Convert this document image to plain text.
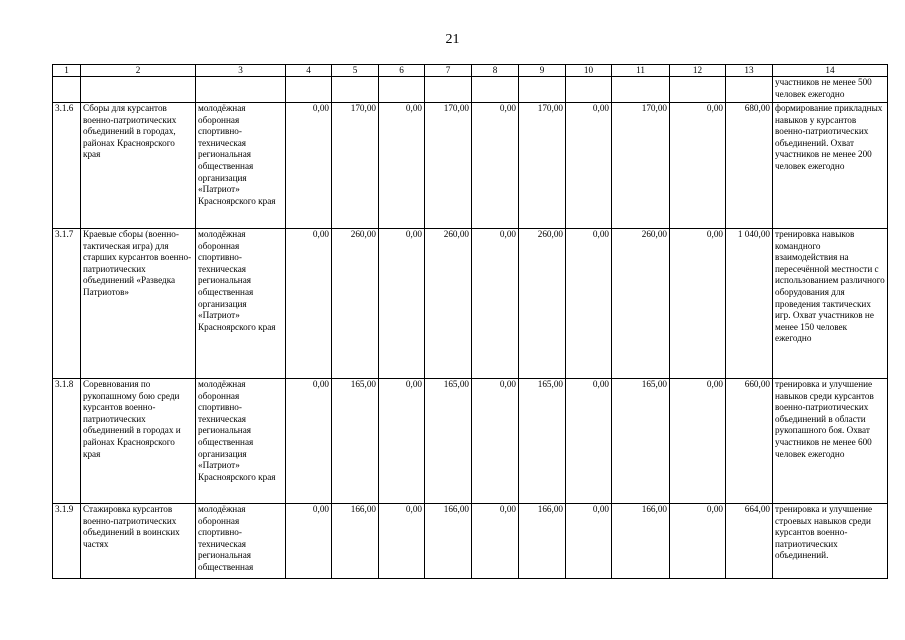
21
1	2	3	4	5	6	7	8	9	10	11	12	13	14
													участников не менее 500 человек ежегодно
3.1.6	Сборы для курсантов военно-патриотических объединений в городах, районах Красноярского края	молодёжная оборонная спортивно-техническая региональная общественная организация «Патриот» Красноярского края	0,00	170,00	0,00	170,00	0,00	170,00	0,00	170,00	0,00	680,00	формирование прикладных навыков у курсантов военно-патриотических объединений. Охват участников не менее 200 человек ежегодно
3.1.7	Краевые сборы (военно-тактическая игра) для старших курсантов военно-патриотических объединений «Разведка Патриотов»	молодёжная оборонная спортивно-техническая региональная общественная организация «Патриот» Красноярского края	0,00	260,00	0,00	260,00	0,00	260,00	0,00	260,00	0,00	1 040,00	тренировка навыков командного взаимодействия на пересечённой местности с использованием различного оборудования для проведения тактических игр. Охват участников не менее 150 человек ежегодно
3.1.8	Соревнования по рукопашному бою среди курсантов военно-патриотических объединений в городах и районах Красноярского края	молодёжная оборонная спортивно-техническая региональная общественная организация «Патриот» Красноярского края	0,00	165,00	0,00	165,00	0,00	165,00	0,00	165,00	0,00	660,00	тренировка и улучшение навыков среди курсантов военно-патриотических объединений в области рукопашного боя. Охват участников не менее 600 человек ежегодно
3.1.9	Стажировка курсантов военно-патриотических объединений в воинских частях	молодёжная оборонная спортивно-техническая региональная общественная	0,00	166,00	0,00	166,00	0,00	166,00	0,00	166,00	0,00	664,00	тренировка и улучшение строевых навыков среди курсантов военно-патриотических объединений.
